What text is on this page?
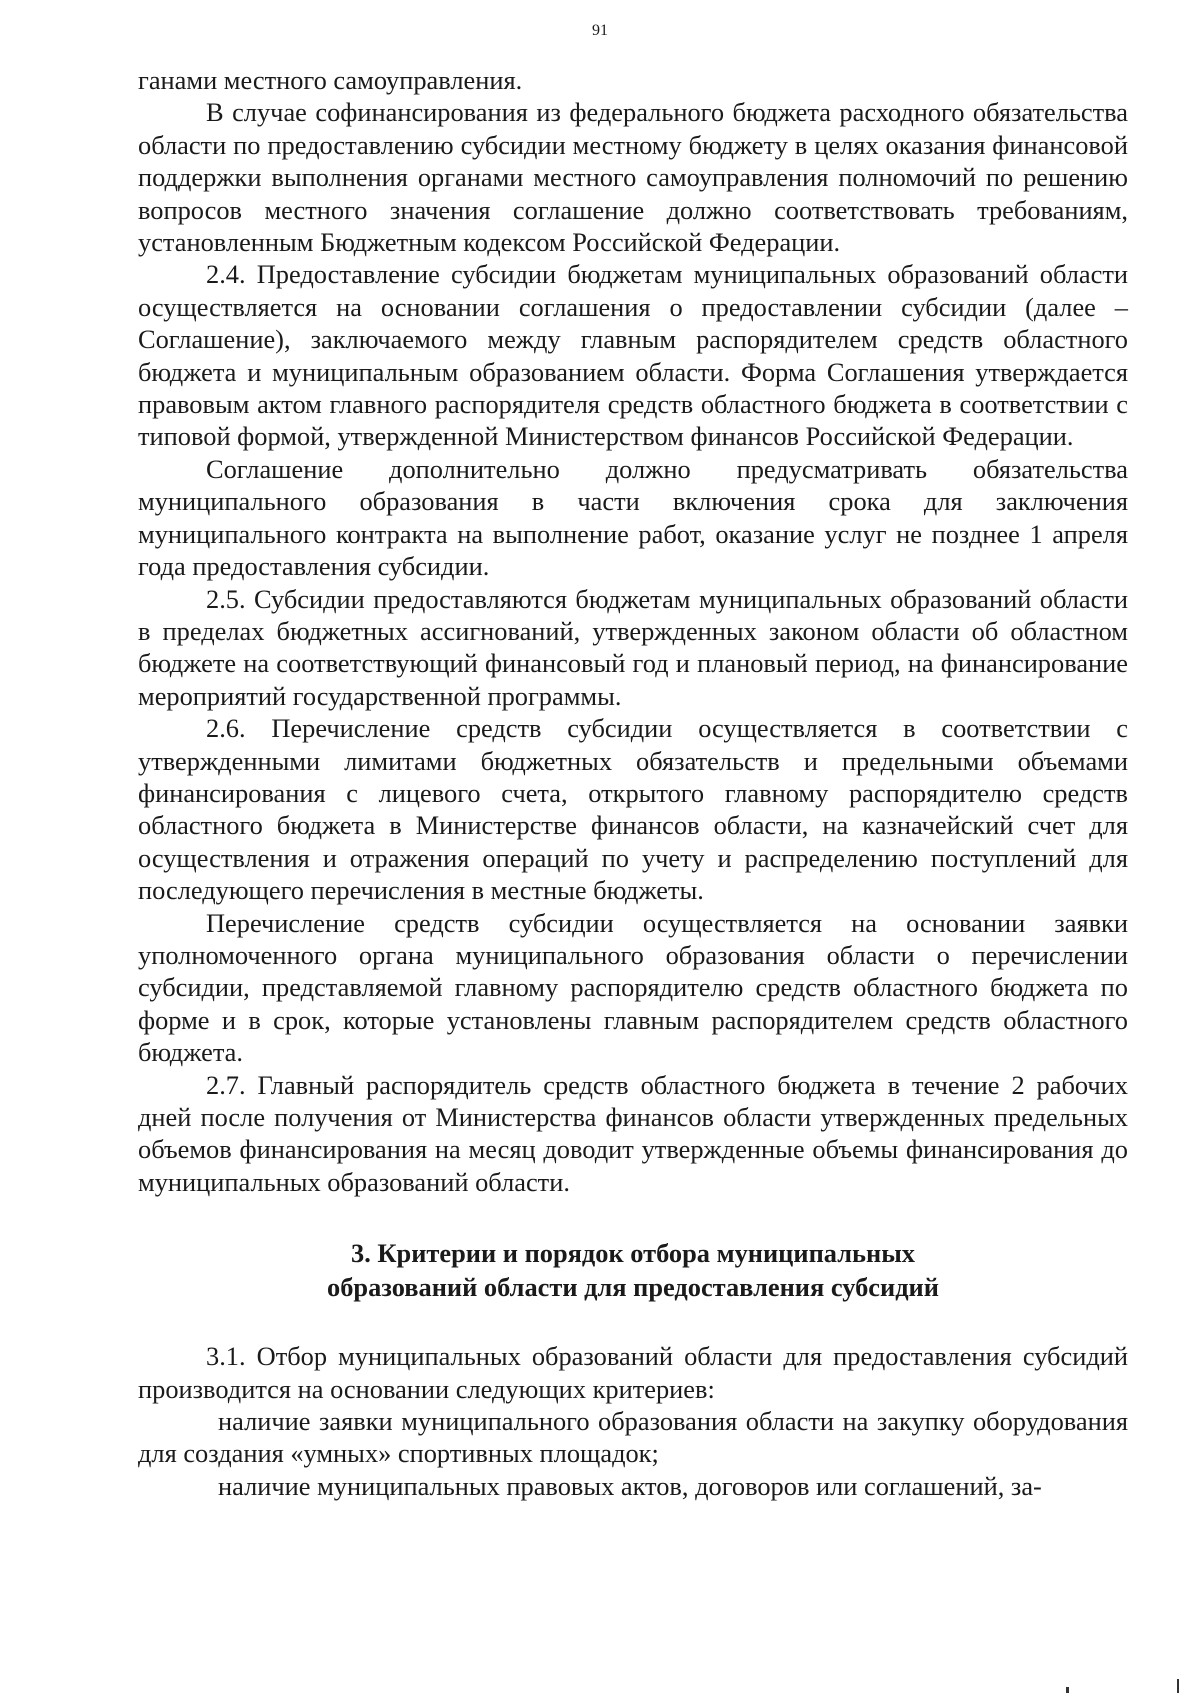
91

ганами местного самоуправления.

В случае софинансирования из федерального бюджета расходного обязательства области по предоставлению субсидии местному бюджету в целях оказания финансовой поддержки выполнения органами местного самоуправления полномочий по решению вопросов местного значения соглашение должно соответствовать требованиям, установленным Бюджетным кодексом Российской Федерации.

2.4. Предоставление субсидии бюджетам муниципальных образований области осуществляется на основании соглашения о предоставлении субсидии (далее – Соглашение), заключаемого между главным распорядителем средств областного бюджета и муниципальным образованием области. Форма Соглашения утверждается правовым актом главного распорядителя средств областного бюджета в соответствии с типовой формой, утвержденной Министерством финансов Российской Федерации.

Соглашение дополнительно должно предусматривать обязательства муниципального образования в части включения срока для заключения муниципального контракта на выполнение работ, оказание услуг не позднее 1 апреля года предоставления субсидии.

2.5. Субсидии предоставляются бюджетам муниципальных образований области в пределах бюджетных ассигнований, утвержденных законом области об областном бюджете на соответствующий финансовый год и плановый период, на финансирование мероприятий государственной программы.

2.6. Перечисление средств субсидии осуществляется в соответствии с утвержденными лимитами бюджетных обязательств и предельными объемами финансирования с лицевого счета, открытого главному распорядителю средств областного бюджета в Министерстве финансов области, на казначейский счет для осуществления и отражения операций по учету и распределению поступлений для последующего перечисления в местные бюджеты.

Перечисление средств субсидии осуществляется на основании заявки уполномоченного органа муниципального образования области о перечислении субсидии, представляемой главному распорядителю средств областного бюджета по форме и в срок, которые установлены главным распорядителем средств областного бюджета.

2.7. Главный распорядитель средств областного бюджета в течение 2 рабочих дней после получения от Министерства финансов области утвержденных предельных объемов финансирования на месяц доводит утвержденные объемы финансирования до муниципальных образований области.

3. Критерии и порядок отбора муниципальных
образований области для предоставления субсидий

3.1. Отбор муниципальных образований области для предоставления субсидий производится на основании следующих критериев:

наличие заявки муниципального образования области на закупку оборудования для создания «умных» спортивных площадок;

наличие муниципальных правовых актов, договоров или соглашений, за-
